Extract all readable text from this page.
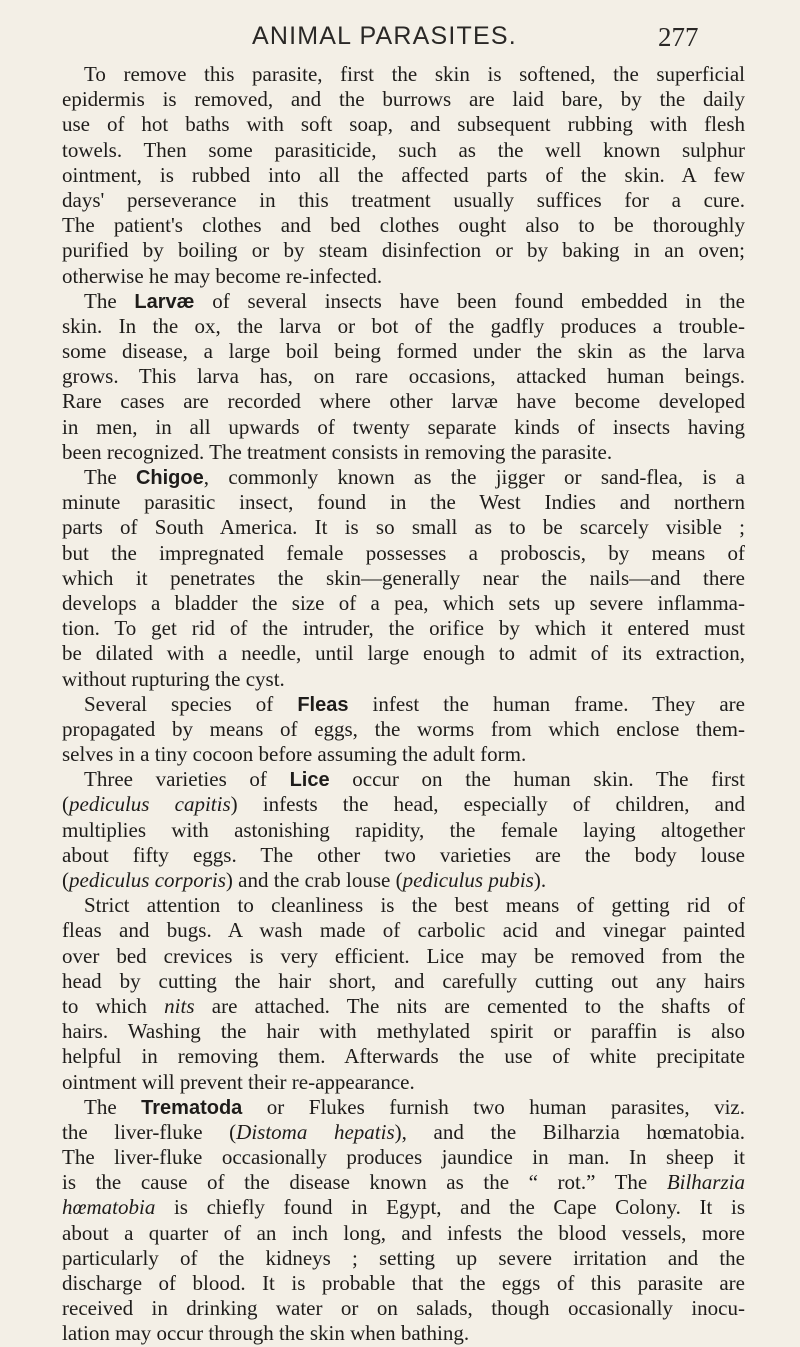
ANIMAL PARASITES.	277
To remove this parasite, first the skin is softened, the superficial
epidermis is removed, and the burrows are laid bare, by the daily
use of hot baths with soft soap, and subsequent rubbing with flesh
towels. Then some parasiticide, such as the well known sulphur
ointment, is rubbed into all the affected parts of the skin. A few
days' perseverance in this treatment usually suffices for a cure.
The patient's clothes and bed clothes ought also to be thoroughly
purified by boiling or by steam disinfection or by baking in an oven;
otherwise he may become re-infected.
The Larvæ of several insects have been found embedded in the
skin. In the ox, the larva or bot of the gadfly produces a trouble-
some disease, a large boil being formed under the skin as the larva
grows. This larva has, on rare occasions, attacked human beings.
Rare cases are recorded where other larvæ have become developed
in men, in all upwards of twenty separate kinds of insects having
been recognized. The treatment consists in removing the parasite.
The Chigoe, commonly known as the jigger or sand-flea, is a
minute parasitic insect, found in the West Indies and northern
parts of South America. It is so small as to be scarcely visible ;
but the impregnated female possesses a proboscis, by means of
which it penetrates the skin—generally near the nails—and there
develops a bladder the size of a pea, which sets up severe inflamma-
tion. To get rid of the intruder, the orifice by which it entered must
be dilated with a needle, until large enough to admit of its extraction,
without rupturing the cyst.
Several species of Fleas infest the human frame. They are
propagated by means of eggs, the worms from which enclose them-
selves in a tiny cocoon before assuming the adult form.
Three varieties of Lice occur on the human skin. The first
(pediculus capitis) infests the head, especially of children, and
multiplies with astonishing rapidity, the female laying altogether
about fifty eggs. The other two varieties are the body louse
(pediculus corporis) and the crab louse (pediculus pubis).
Strict attention to cleanliness is the best means of getting rid of
fleas and bugs. A wash made of carbolic acid and vinegar painted
over bed crevices is very efficient. Lice may be removed from the
head by cutting the hair short, and carefully cutting out any hairs
to which nits are attached. The nits are cemented to the shafts of
hairs. Washing the hair with methylated spirit or paraffin is also
helpful in removing them. Afterwards the use of white precipitate
ointment will prevent their re-appearance.
The Trematoda or Flukes furnish two human parasites, viz.
the liver-fluke (Distoma hepatis), and the Bilharzia hœmatobia.
The liver-fluke occasionally produces jaundice in man. In sheep it
is the cause of the disease known as the “ rot.” The Bilharzia
hœmatobia is chiefly found in Egypt, and the Cape Colony. It is
about a quarter of an inch long, and infests the blood vessels, more
particularly of the kidneys ; setting up severe irritation and the
discharge of blood. It is probable that the eggs of this parasite are
received in drinking water or on salads, though occasionally inocu-
lation may occur through the skin when bathing.
